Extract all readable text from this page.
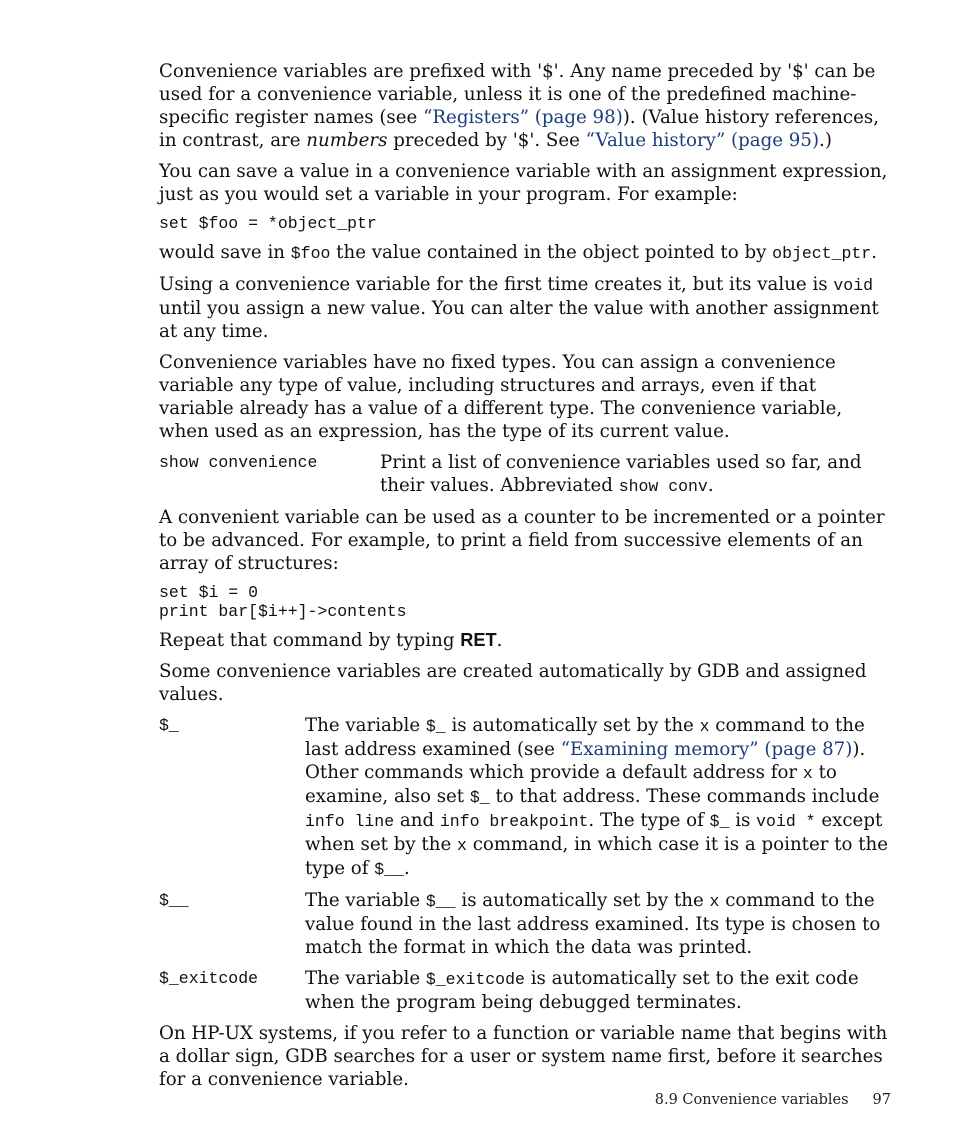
Convenience variables are prefixed with '$'. Any name preceded by '$' can be used for a convenience variable, unless it is one of the predefined machine-specific register names (see “Registers” (page 98)). (Value history references, in contrast, are numbers preceded by '$'. See “Value history” (page 95).)

You can save a value in a convenience variable with an assignment expression, just as you would set a variable in your program. For example:

set $foo = *object_ptr

would save in $foo the value contained in the object pointed to by object_ptr.

Using a convenience variable for the first time creates it, but its value is void until you assign a new value. You can alter the value with another assignment at any time.

Convenience variables have no fixed types. You can assign a convenience variable any type of value, including structures and arrays, even if that variable already has a value of a different type. The convenience variable, when used as an expression, has the type of its current value.

show convenience	Print a list of convenience variables used so far, and their values. Abbreviated show conv.

A convenient variable can be used as a counter to be incremented or a pointer to be advanced. For example, to print a field from successive elements of an array of structures:

set $i = 0
print bar[$i++]->contents

Repeat that command by typing RET.

Some convenience variables are created automatically by GDB and assigned values.

$_	The variable $_ is automatically set by the x command to the last address examined (see “Examining memory” (page 87)). Other commands which provide a default address for x to examine, also set $_ to that address. These commands include info line and info breakpoint. The type of $_ is void * except when set by the x command, in which case it is a pointer to the type of $__.
$__	The variable $__ is automatically set by the x command to the value found in the last address examined. Its type is chosen to match the format in which the data was printed.
$_exitcode	The variable $_exitcode is automatically set to the exit code when the program being debugged terminates.

On HP-UX systems, if you refer to a function or variable name that begins with a dollar sign, GDB searches for a user or system name first, before it searches for a convenience variable.

8.9 Convenience variables 97
